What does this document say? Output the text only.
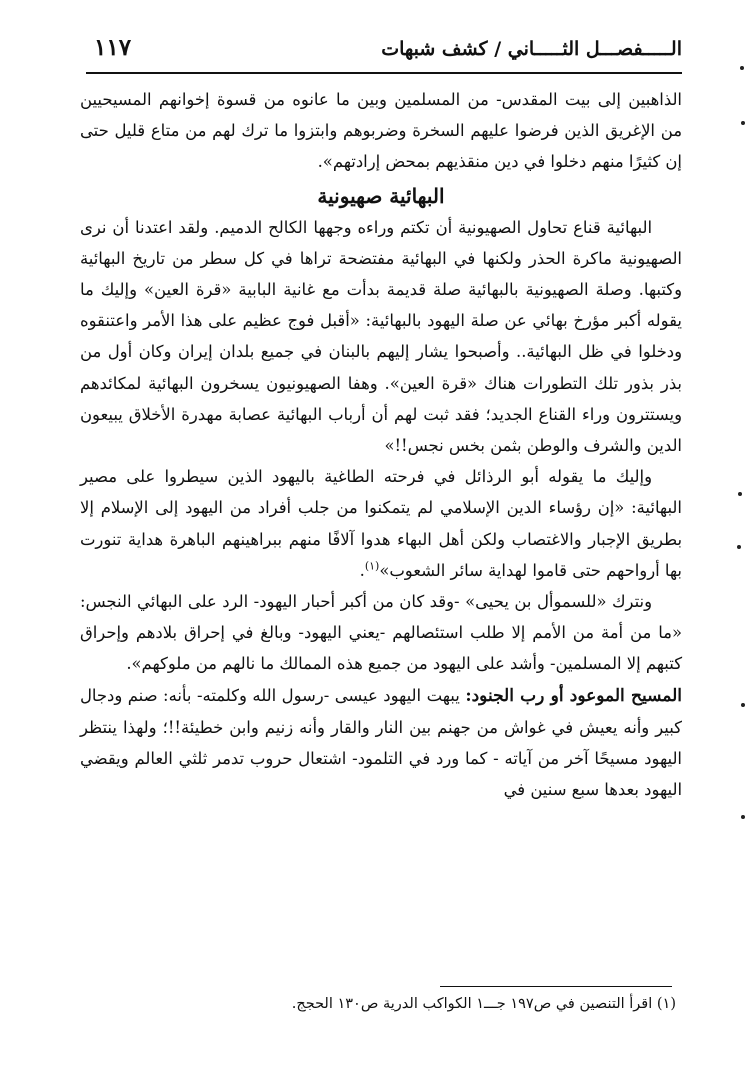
١١٧	الـــــفصـــل الثـــــاني / كشف شبهات

الذاهبين إلى بيت المقدس- من المسلمين وبين ما عانوه من قسوة إخوانهم المسيحيين من الإغريق الذين فرضوا عليهم السخرة وضربوهم وابتزوا ما ترك لهم من متاع قليل حتى إن كثيرًا منهم دخلوا في دين منقذيهم بمحض إرادتهم».

البهائية صهيونية

البهائية قناع تحاول الصهيونية أن تكتم وراءه وجهها الكالح الدميم. ولقد اعتدنا أن نرى الصهيونية ماكرة الحذر ولكنها في البهائية مفتضحة تراها في كل سطر من تاريخ البهائية وكتبها. وصلة الصهيونية بالبهائية صلة قديمة بدأت مع غانية البابية «قرة العين» وإليك ما يقوله أكبر مؤرخ بهائي عن صلة اليهود بالبهائية: «أقبل فوج عظيم على هذا الأمر واعتنقوه ودخلوا في ظل البهائية.. وأصبحوا يشار إليهم بالبنان في جميع بلدان إيران وكان أول من بذر بذور تلك التطورات هناك «قرة العين». وهفا الصهيونيون يسخرون البهائية لمكائدهم ويستترون وراء القناع الجديد؛ فقد ثبت لهم أن أرباب البهائية عصابة مهدرة الأخلاق يبيعون الدين والشرف والوطن بثمن بخس نجس!!»

وإليك ما يقوله أبو الرذائل في فرحته الطاغية باليهود الذين سيطروا على مصير البهائية: «إن رؤساء الدين الإسلامي لم يتمكنوا من جلب أفراد من اليهود إلى الإسلام إلا بطريق الإجبار والاغتصاب ولكن أهل البهاء هدوا آلافًا منهم ببراهينهم الباهرة هداية تنورت بها أرواحهم حتى قاموا لهداية سائر الشعوب»$^{(١)}$.

ونترك «للسموأل بن يحيى» -وقد كان من أكبر أحبار اليهود- الرد على البهائي النجس: «ما من أمة من الأمم إلا طلب استئصالهم -يعني اليهود- وبالغ في إحراق بلادهم وإحراق كتبهم إلا المسلمين- وأشد على اليهود من جميع هذه الممالك ما نالهم من ملوكهم».

المسيح الموعود أو رب الجنود: يبهت اليهود عيسى -رسول الله وكلمته- بأنه: صنم ودجال كبير وأنه يعيش في غواش من جهنم بين النار والقار وأنه زنيم وابن خطيئة!!؛ ولهذا ينتظر اليهود مسيحًا آخر من آياته - كما ورد في التلمود- اشتعال حروب تدمر ثلثي العالم ويقضي اليهود بعدها سبع سنين في

(١) اقرأ التنصين في ص١٩٧ جـــ١ الكواكب الدرية ص١٣٠ الحجج.
